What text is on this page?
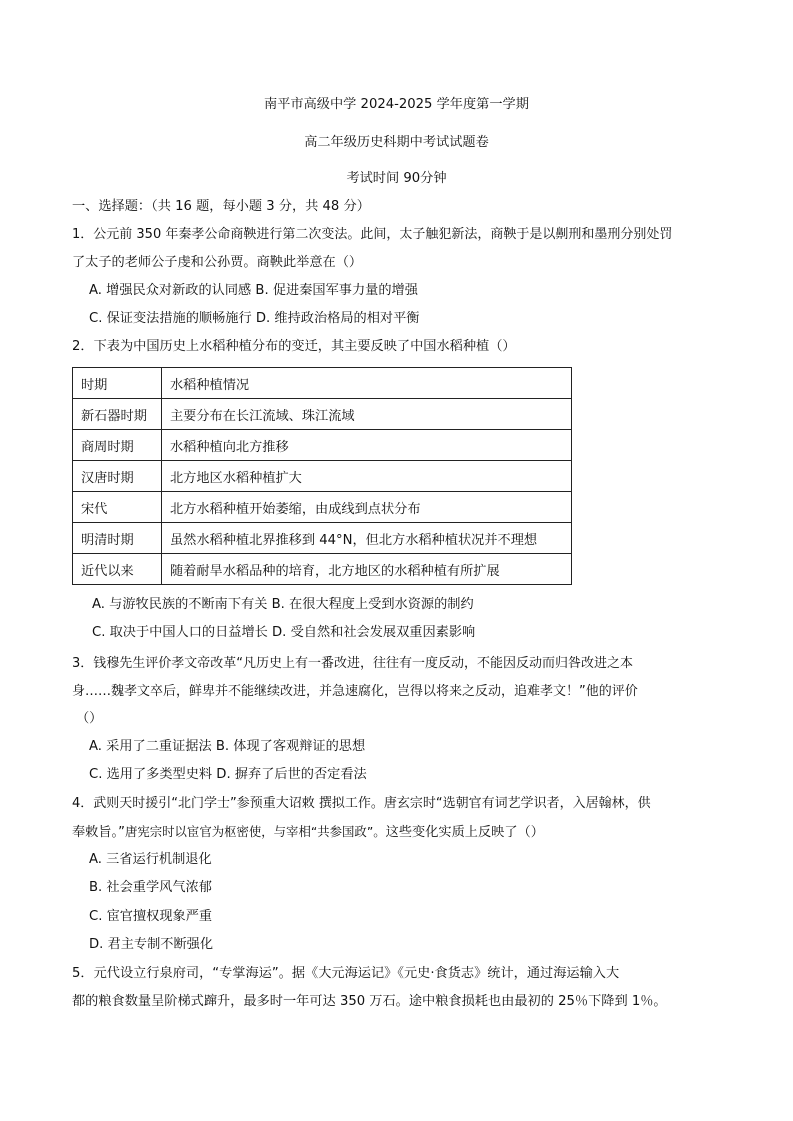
南平市高级中学 2024-2025 学年度第一学期
高二年级历史科期中考试试题卷
考试时间 90分钟
一、选择题：（共 16 题，每小题 3 分，共 48 分）
1．公元前 350 年秦孝公命商鞅进行第二次变法。此间，太子触犯新法，商鞅于是以劓刑和墨刑分别处罚
了太子的老师公子虔和公孙贾。商鞅此举意在（）
A. 增强民众对新政的认同感 B. 促进秦国军事力量的增强
C. 保证变法措施的顺畅施行 D. 维持政治格局的相对平衡
2．下表为中国历史上水稻种植分布的变迁，其主要反映了中国水稻种植（）
时期	水稻种植情况
新石器时期	主要分布在长江流域、珠江流域
商周时期	水稻种植向北方推移
汉唐时期	北方地区水稻种植扩大
宋代	北方水稻种植开始萎缩，由成线到点状分布
明清时期	虽然水稻种植北界推移到 44°N，但北方水稻种植状况并不理想
近代以来	随着耐旱水稻品种的培育，北方地区的水稻种植有所扩展
A. 与游牧民族的不断南下有关 B. 在很大程度上受到水资源的制约
C. 取决于中国人口的日益增长 D. 受自然和社会发展双重因素影响
3．钱穆先生评价孝文帝改革“凡历史上有一番改进，往往有一度反动，不能因反动而归咎改进之本
身……魏孝文卒后，鲜卑并不能继续改进，并急速腐化，岂得以将来之反动，追难孝文！”他的评价
（）
A. 采用了二重证据法 B. 体现了客观辩证的思想
C. 选用了多类型史料 D. 摒弃了后世的否定看法
4．武则天时援引“北门学士”参预重大诏敕 撰拟工作。唐玄宗时“选朝官有词艺学识者，入居翰林，供
奉敕旨。”唐宪宗时以宦官为枢密使，与宰相“共参国政”。这些变化实质上反映了（）
A. 三省运行机制退化
B. 社会重学风气浓郁
C. 宦官擅权现象严重
D. 君主专制不断强化
5．元代设立行泉府司，“专掌海运”。据《大元海运记》《元史·食货志》统计，通过海运输入大
都的粮食数量呈阶梯式蹿升，最多时一年可达 350 万石。途中粮食损耗也由最初的 25％下降到 1％。
